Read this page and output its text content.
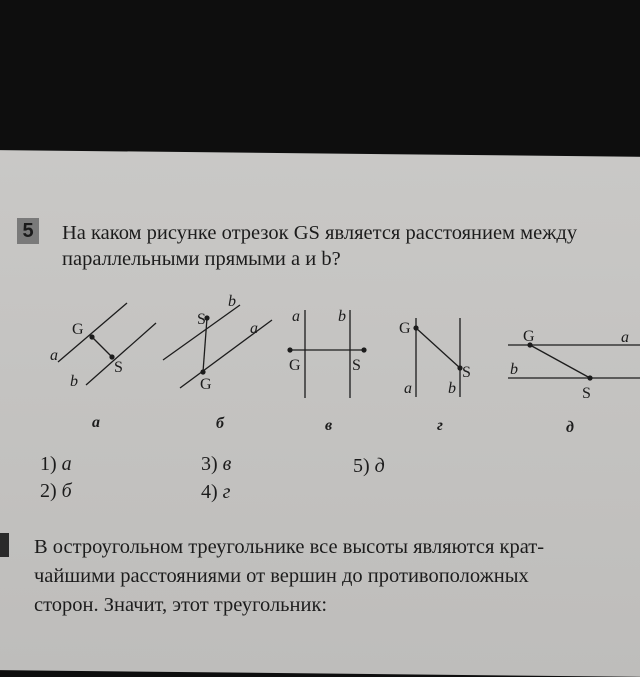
5 На каком рисунке отрезок GS является расстоянием между
параллельными прямыми a и b?
G
S
a
b
S
G
b
a
a b
G	S
G
S
a b
G
S
a
b
а	б	в	г	д
1) а
2) б
3) в
4) г
5) д
В остроугольном треугольнике все высоты являются крат-
чайшими расстояниями от вершин до противоположных
сторон. Значит, этот треугольник:
